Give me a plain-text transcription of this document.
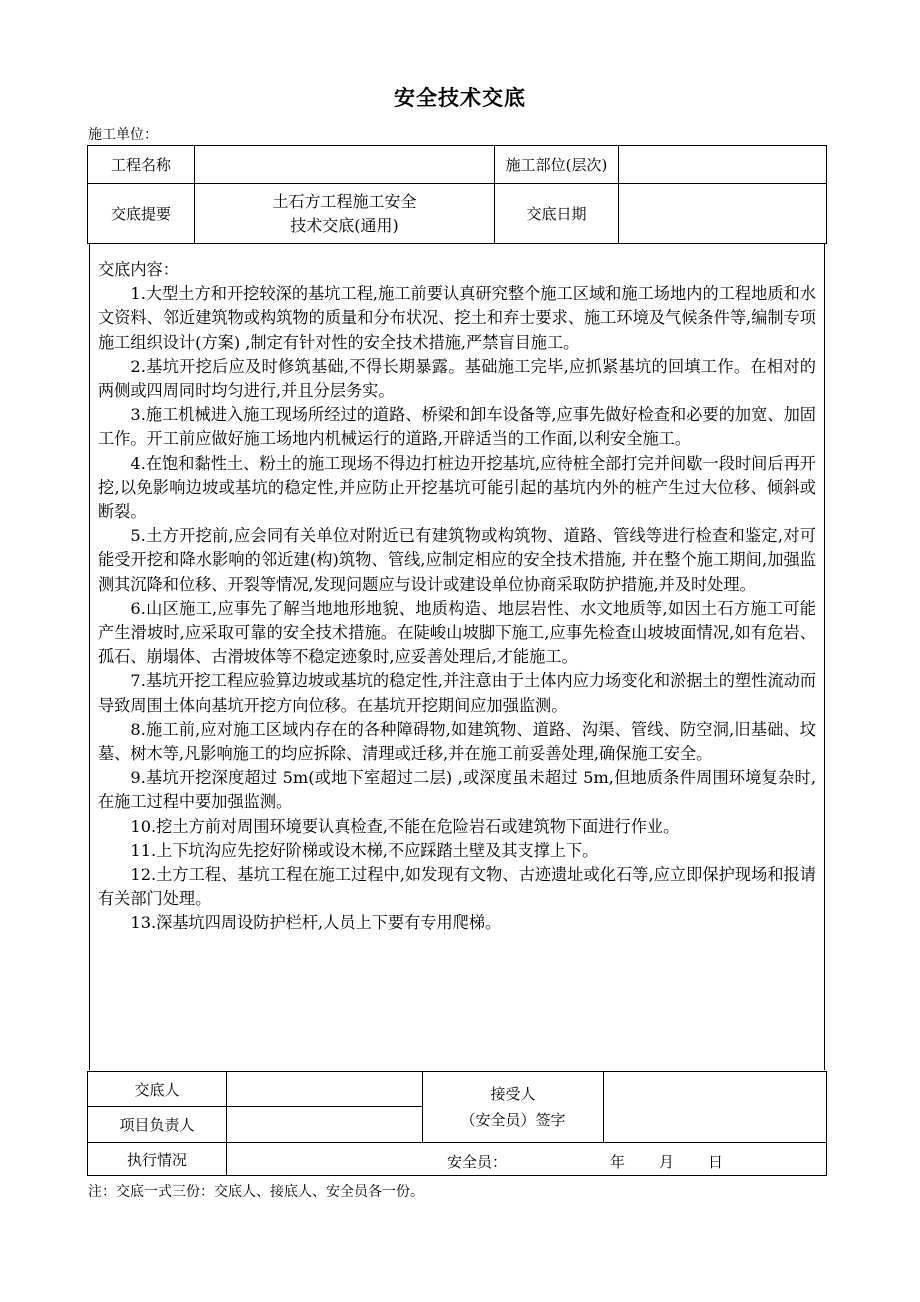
安全技术交底
施工单位：
工程名称		施工部位(层次)	
交底提要	土石方工程施工安全
技术交底(通用)	交底日期	
交底内容：

1.大型土方和开挖较深的基坑工程,施工前要认真研究整个施工区域和施工场地内的工程地质和水文资料、邻近建筑物或构筑物的质量和分布状况、挖土和弃士要求、施工环境及气候条件等,编制专项施工组织设计(方案) ,制定有针对性的安全技术措施,严禁盲目施工。

2.基坑开挖后应及时修筑基础,不得长期暴露。基础施工完毕,应抓紧基坑的回填工作。在相对的两侧或四周同时均匀进行,并且分层务实。

3.施工机械进入施工现场所经过的道路、桥梁和卸车设备等,应事先做好检查和必要的加宽、加固工作。开工前应做好施工场地内机械运行的道路,开辟适当的工作面,以利安全施工。

4.在饱和黏性土、粉土的施工现场不得边打桩边开挖基坑,应待桩全部打完并间歇一段时间后再开挖,以免影响边坡或基坑的稳定性,并应防止开挖基坑可能引起的基坑内外的桩产生过大位移、倾斜或断裂。

5.土方开挖前,应会同有关单位对附近已有建筑物或构筑物、道路、管线等进行检查和鉴定,对可能受开挖和降水影响的邻近建(构)筑物、管线,应制定相应的安全技术措施, 并在整个施工期间,加强监测其沉降和位移、开裂等情况,发现问题应与设计或建设单位协商采取防护措施,并及时处理。

6.山区施工,应事先了解当地地形地貌、地质构造、地层岩性、水文地质等,如因土石方施工可能产生滑坡时,应采取可靠的安全技术措施。在陡峻山坡脚下施工,应事先检查山坡坡面情况,如有危岩、孤石、崩塌体、古滑坡体等不稳定迹象时,应妥善处理后,才能施工。

7.基坑开挖工程应验算边坡或基坑的稳定性,并注意由于土体内应力场变化和淤据土的塑性流动而导致周围土体向基坑开挖方向位移。在基坑开挖期间应加强监测。

8.施工前,应对施工区域内存在的各种障碍物,如建筑物、道路、沟渠、管线、防空洞,旧基础、坟墓、树木等,凡影响施工的均应拆除、清理或迁移,并在施工前妥善处理,确保施工安全。

9.基坑开挖深度超过 5m(或地下室超过二层) ,或深度虽未超过 5m,但地质条件周围环境复杂时,在施工过程中要加强监测。

10.挖土方前对周围环境要认真检查,不能在危险岩石或建筑物下面进行作业。

11.上下坑沟应先挖好阶梯或设木梯,不应踩踏土壁及其支撑上下。

12.土方工程、基坑工程在施工过程中,如发现有文物、古迹遗址或化石等,应立即保护现场和报请有关部门处理。

13.深基坑四周设防护栏杆,人员上下要有专用爬梯。

交底人		接受人
（安全员）签字	

项目负责人			
执行情况	安全员： 年 月 日		
注：交底一式三份：交底人、接底人、安全员各一份。
